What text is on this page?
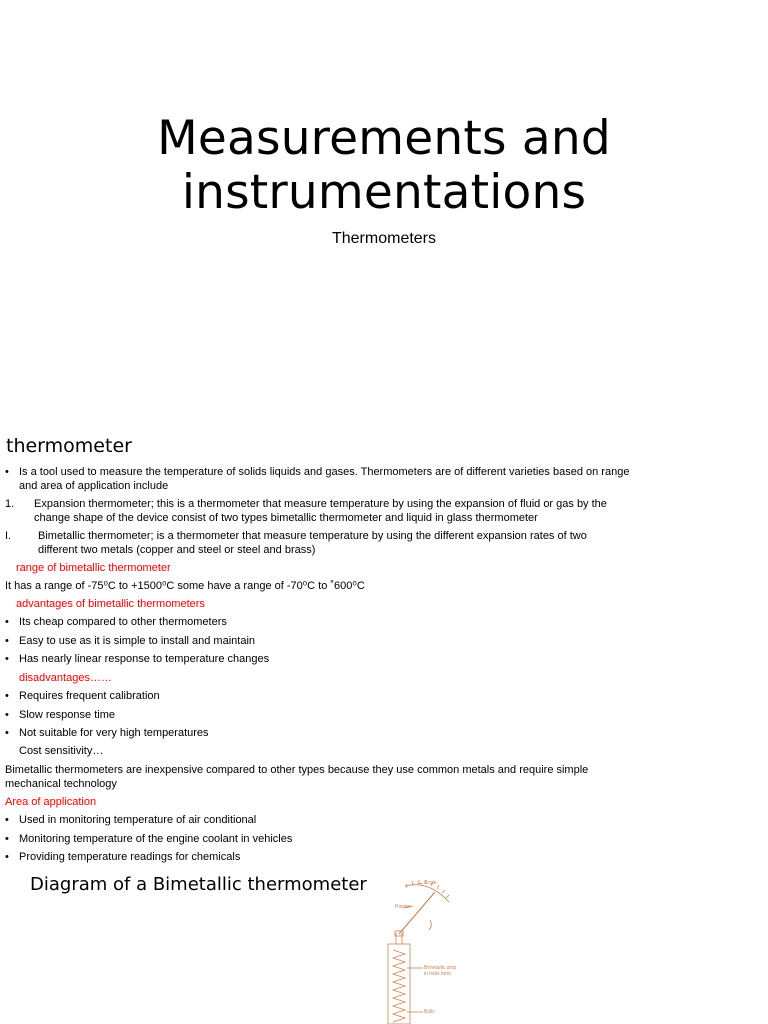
Measurements and
instrumentations
Thermometers
thermometer
• Is a tool used to measure the temperature of solids liquids and gases. Thermometers are of different varieties based on range
and area of application include
1. Expansion thermometer; this is a thermometer that measure temperature by using the expansion of fluid or gas by the
change shape of the device consist of two types bimetallic thermometer and liquid in glass thermometer
I. Bimetallic thermometer; is a thermometer that measure temperature by using the different expansion rates of two
different two metals (copper and steel or steel and brass)
range of bimetallic thermometer
It has a range of -75⁰C to +1500⁰C some have a range of -70⁰C to ˚600⁰C
advantages of bimetallic thermometers
• Its cheap compared to other thermometers
• Easy to use as it is simple to install and maintain
• Has nearly linear response to temperature changes
disadvantages……
• Requires frequent calibration
• Slow response time
• Not suitable for very high temperatures
Cost sensitivity…
Bimetallic thermometers are inexpensive compared to other types because they use common metals and require simple
mechanical technology
Area of application
• Used in monitoring temperature of air conditional
• Monitoring temperature of the engine coolant in vehicles
• Providing temperature readings for chemicals
Diagram of a Bimetallic thermometer	Scale
Pointer
Bimetallic strip in helix form
Bulb
